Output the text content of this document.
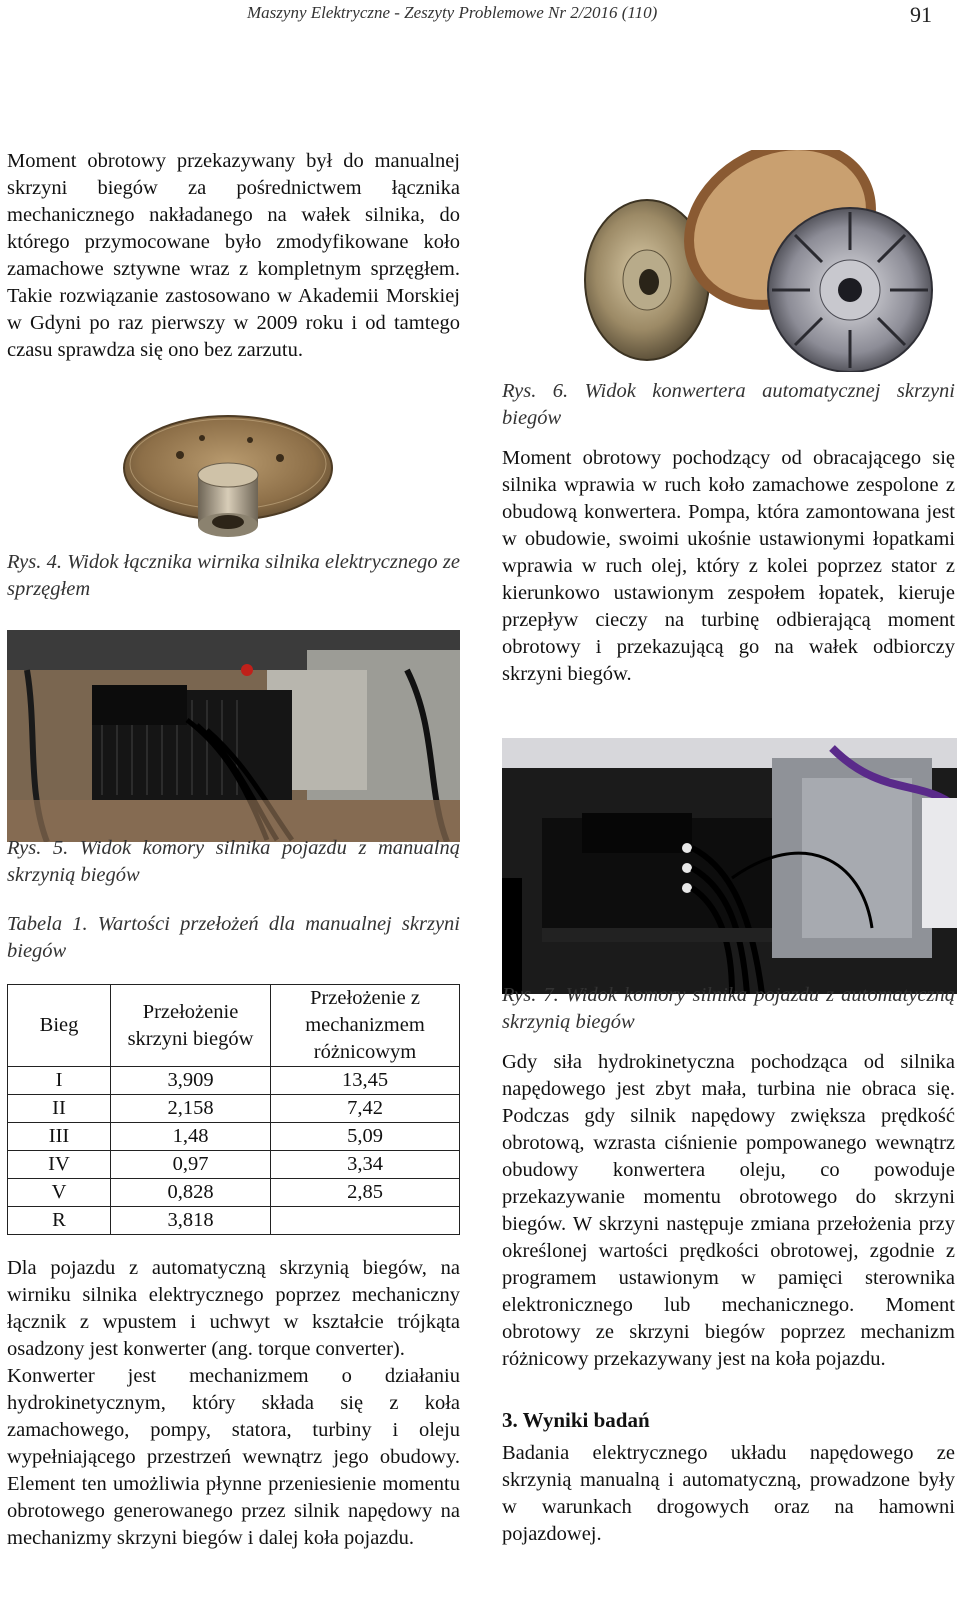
Maszyny Elektryczne - Zeszyty Problemowe Nr 2/2016 (110)	91

Moment obrotowy przekazywany był do manualnej skrzyni biegów za pośrednictwem łącznika mechanicznego nakładanego na wałek silnika, do którego przymocowane było zmodyfikowane koło zamachowe sztywne wraz z kompletnym sprzęgłem. Takie rozwiązanie zastosowano w Akademii Morskiej w Gdyni po raz pierwszy w 2009 roku i od tamtego czasu sprawdza się ono bez zarzutu.

Rys. 4. Widok łącznika wirnika silnika elektrycznego ze sprzęgłem

Rys. 5. Widok komory silnika pojazdu z manualną skrzynią biegów

Tabela 1. Wartości przełożeń dla manualnej skrzyni biegów

Bieg	Przełożenie skrzyni biegów	Przełożenie z mechanizmem różnicowym
I	3,909	13,45
II	2,158	7,42
III	1,48	5,09
IV	0,97	3,34
V	0,828	2,85
R	3,818	

Dla pojazdu z automatyczną skrzynią biegów, na wirniku silnika elektrycznego poprzez mechaniczny łącznik z wpustem i uchwyt w kształcie trójkąta osadzony jest konwerter (ang. torque converter).

Konwerter jest mechanizmem o działaniu hydrokinetycznym, który składa się z koła zamachowego, pompy, statora, turbiny i oleju wypełniającego przestrzeń wewnątrz jego obudowy. Element ten umożliwia płynne przeniesienie momentu obrotowego generowanego przez silnik napędowy na mechanizmy skrzyni biegów i dalej koła pojazdu.

Rys. 6. Widok konwertera automatycznej skrzyni biegów

Moment obrotowy pochodzący od obracającego się silnika wprawia w ruch koło zamachowe zespolone z obudową konwertera. Pompa, która zamontowana jest w obudowie, swoimi ukośnie ustawionymi łopatkami wprawia w ruch olej, który z kolei poprzez stator z kierunkowo ustawionym zespołem łopatek, kieruje przepływ cieczy na turbinę odbierającą moment obrotowy i przekazującą go na wałek odbiorczy skrzyni biegów.

Rys. 7. Widok komory silnika pojazdu z automatyczną skrzynią biegów

Gdy siła hydrokinetyczna pochodząca od silnika napędowego jest zbyt mała, turbina nie obraca się. Podczas gdy silnik napędowy zwiększa prędkość obrotową, wzrasta ciśnienie pompowanego wewnątrz obudowy konwertera oleju, co powoduje przekazywanie momentu obrotowego do skrzyni biegów. W skrzyni następuje zmiana przełożenia przy określonej wartości prędkości obrotowej, zgodnie z programem ustawionym w pamięci sterownika elektronicznego lub mechanicznego. Moment obrotowy ze skrzyni biegów poprzez mechanizm różnicowy przekazywany jest na koła pojazdu.

3. Wyniki badań

Badania elektrycznego układu napędowego ze skrzynią manualną i automatyczną, prowadzone były w warunkach drogowych oraz na hamowni pojazdowej.
